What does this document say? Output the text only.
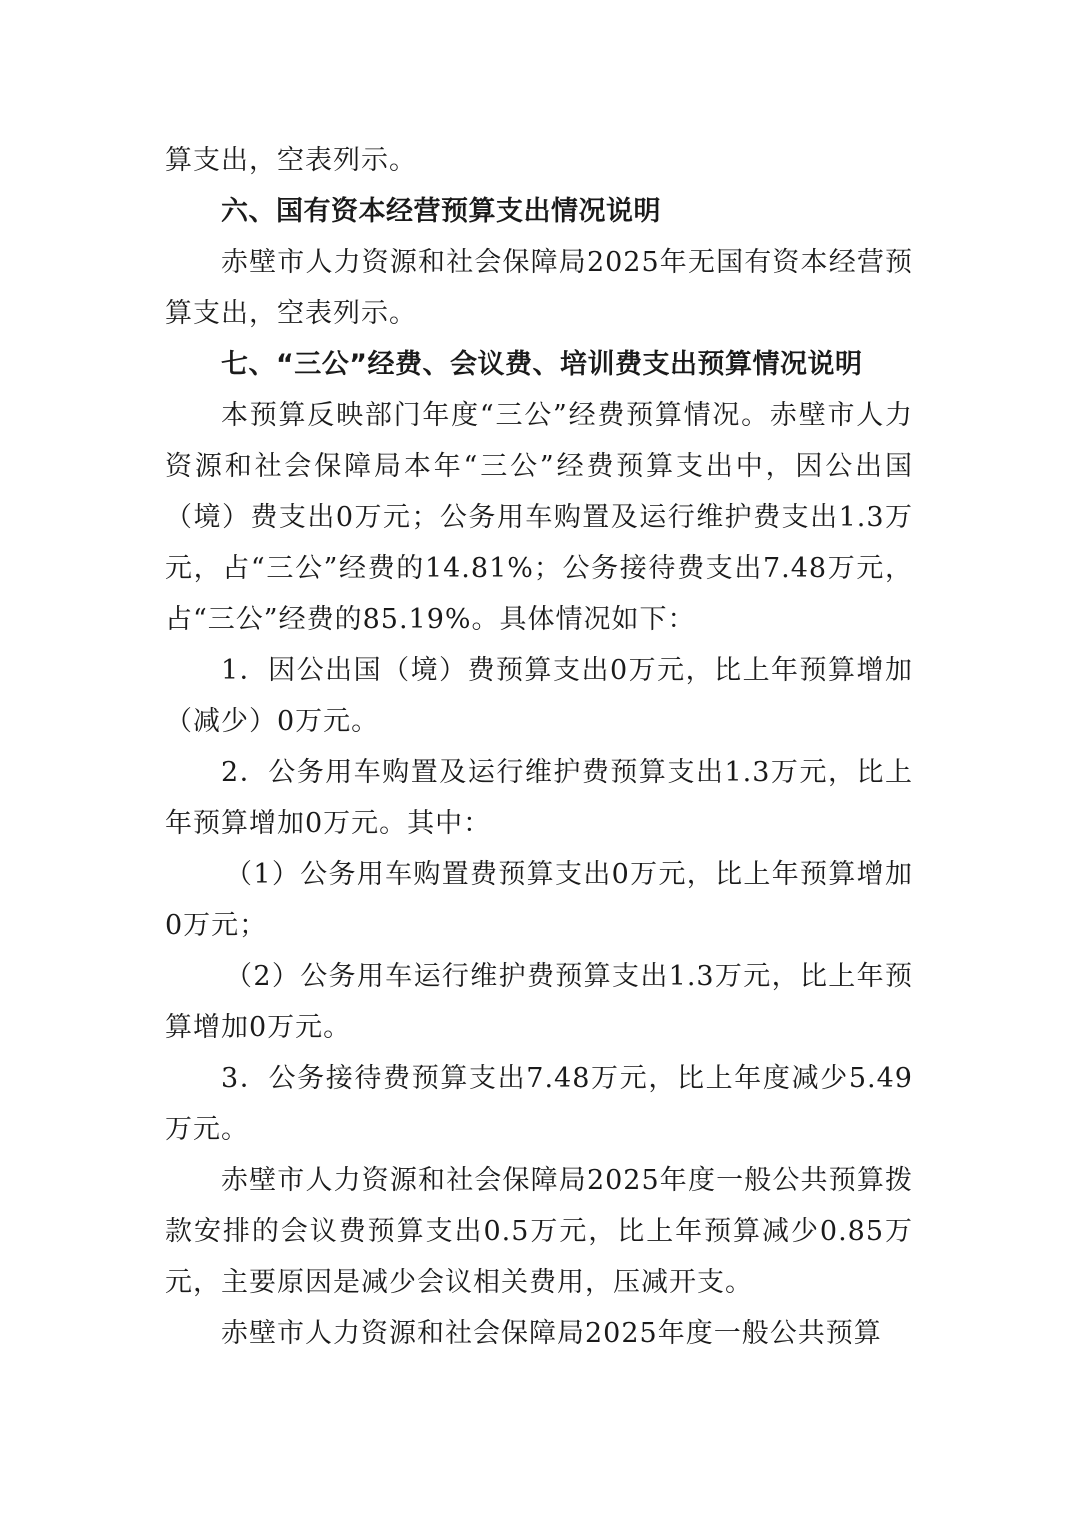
算支出，空表列示。

六、国有资本经营预算支出情况说明

赤壁市人力资源和社会保障局2025年无国有资本经营预算支出，空表列示。

七、“三公”经费、会议费、培训费支出预算情况说明

本预算反映部门年度“三公”经费预算情况。赤壁市人力资源和社会保障局本年“三公”经费预算支出中，因公出国（境）费支出0万元；公务用车购置及运行维护费支出1.3万元，占“三公”经费的14.81%；公务接待费支出7.48万元，占“三公”经费的85.19%。具体情况如下：

1．因公出国（境）费预算支出0万元，比上年预算增加（减少）0万元。

2．公务用车购置及运行维护费预算支出1.3万元，比上年预算增加0万元。其中：

（1）公务用车购置费预算支出0万元，比上年预算增加0万元；

（2）公务用车运行维护费预算支出1.3万元，比上年预算增加0万元。

3．公务接待费预算支出7.48万元，比上年度减少5.49万元。

赤壁市人力资源和社会保障局2025年度一般公共预算拨款安排的会议费预算支出0.5万元，比上年预算减少0.85万元，主要原因是减少会议相关费用，压减开支。

赤壁市人力资源和社会保障局2025年度一般公共预算
